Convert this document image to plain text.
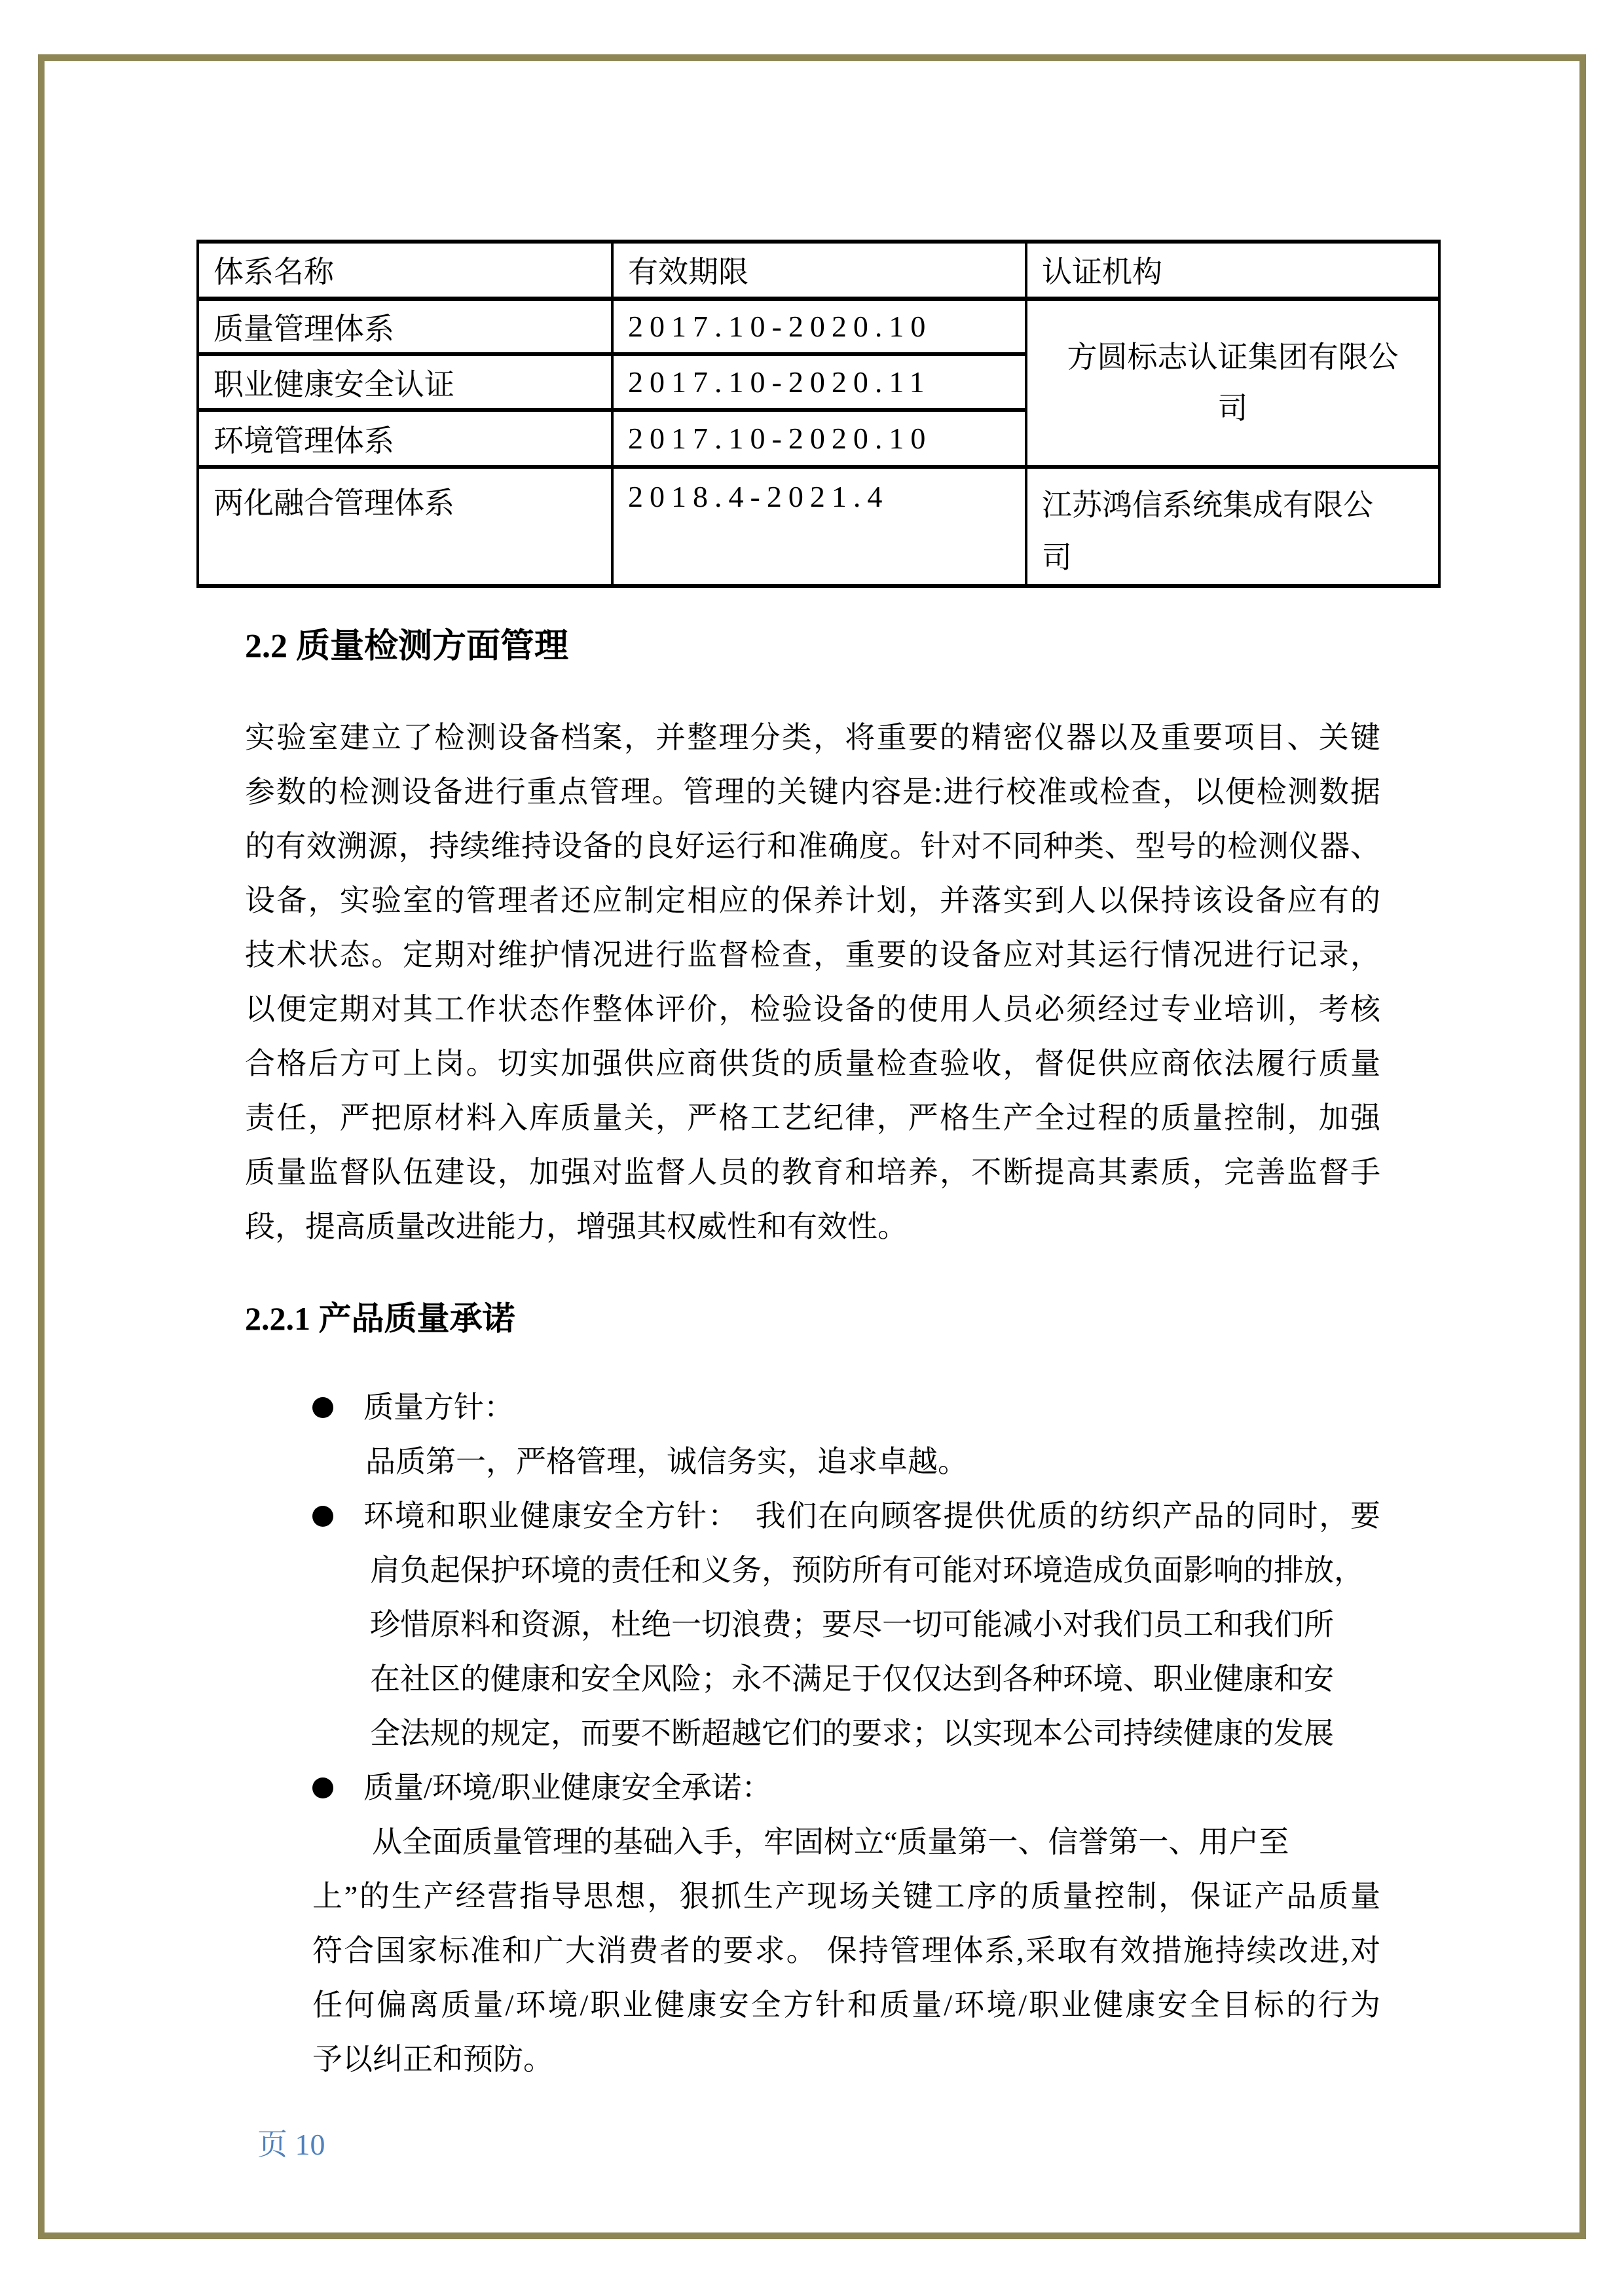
体系名称	有效期限	认证机构
质量管理体系	2017.10-2020.10	方圆标志认证集团有限公
司

职业健康安全认证	2017.10-2020.11	
环境管理体系	2017.10-2020.10	
两化融合管理体系	2018.4-2021.4	江苏鸿信系统集成有限公
司
2.2 质量检测方面管理
实验室建立了检测设备档案，并整理分类，将重要的精密仪器以及重要项目、关键
参数的检测设备进行重点管理。管理的关键内容是:进行校准或检查，以便检测数据
的有效溯源，持续维持设备的良好运行和准确度。针对不同种类、型号的检测仪器、
设备，实验室的管理者还应制定相应的保养计划，并落实到人以保持该设备应有的
技术状态。定期对维护情况进行监督检查，重要的设备应对其运行情况进行记录，
以便定期对其工作状态作整体评价，检验设备的使用人员必须经过专业培训，考核
合格后方可上岗。切实加强供应商供货的质量检查验收，督促供应商依法履行质量
责任，严把原材料入库质量关，严格工艺纪律，严格生产全过程的质量控制，加强
质量监督队伍建设，加强对监督人员的教育和培养，不断提高其素质，完善监督手
段，提高质量改进能力，增强其权威性和有效性。
2.2.1 产品质量承诺
质量方针：
品质第一，严格管理，诚信务实，追求卓越。
环境和职业健康安全方针：　我们在向顾客提供优质的纺织产品的同时，要
肩负起保护环境的责任和义务，预防所有可能对环境造成负面影响的排放，
珍惜原料和资源，杜绝一切浪费；要尽一切可能减小对我们员工和我们所
在社区的健康和安全风险；永不满足于仅仅达到各种环境、职业健康和安
全法规的规定，而要不断超越它们的要求；以实现本公司持续健康的发展
质量/环境/职业健康安全承诺：
从全面质量管理的基础入手，牢固树立“质量第一、信誉第一、用户至
上”的生产经营指导思想，狠抓生产现场关键工序的质量控制，保证产品质量
符合国家标准和广大消费者的要求。 保持管理体系,采取有效措施持续改进,对
任何偏离质量/环境/职业健康安全方针和质量/环境/职业健康安全目标的行为
予以纠正和预防。
页 10
